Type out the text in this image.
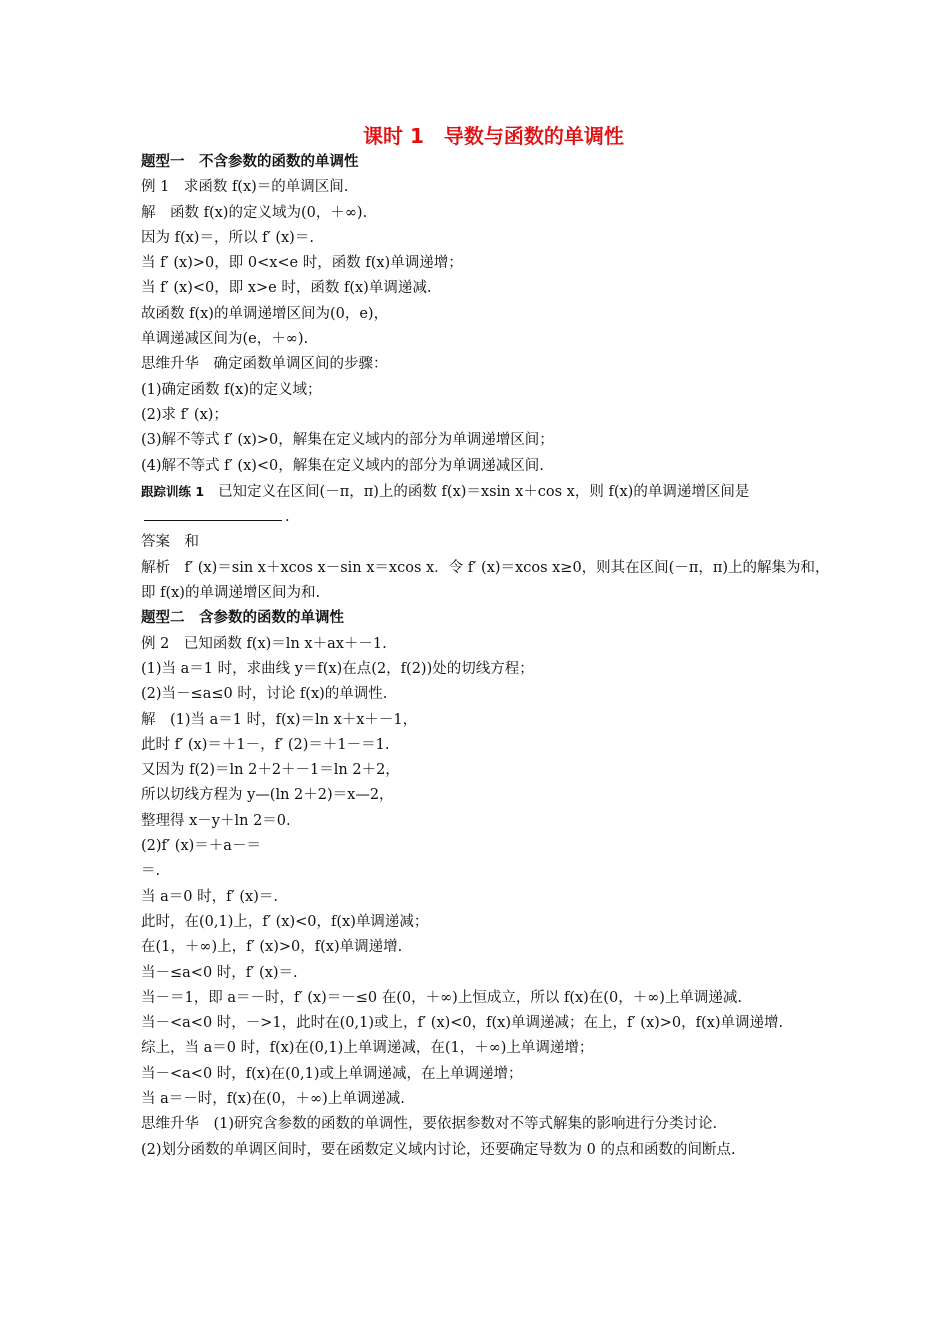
课时 1　导数与函数的单调性
题型一　不含参数的函数的单调性
例 1　求函数 f(x)＝的单调区间.
解　函数 f(x)的定义域为(0，＋∞).
因为 f(x)＝，所以 f′ (x)＝.
当 f′ (x)>0，即 0<x<e 时，函数 f(x)单调递增；
当 f′ (x)<0，即 x>e 时，函数 f(x)单调递减.
故函数 f(x)的单调递增区间为(0，e)，
单调递减区间为(e，＋∞).
思维升华　确定函数单调区间的步骤：
(1)确定函数 f(x)的定义域；
(2)求 f′ (x)；
(3)解不等式 f′ (x)>0，解集在定义域内的部分为单调递增区间；
(4)解不等式 f′ (x)<0，解集在定义域内的部分为单调递减区间.
跟踪训练 1 已知定义在区间(－π，π)上的函数 f(x)＝xsin x＋cos x，则 f(x)的单调递增区间是.
答案　和
解析　f′ (x)＝sin x＋xcos x－sin x＝xcos x．令 f′ (x)＝xcos x≥0，则其在区间(－π，π)上的解集为和，即 f(x)的单调递增区间为和.
题型二　含参数的函数的单调性
例 2　已知函数 f(x)＝ln x＋ax＋－1.
(1)当 a＝1 时，求曲线 y＝f(x)在点(2，f(2))处的切线方程；
(2)当－≤a≤0 时，讨论 f(x)的单调性.
解　(1)当 a＝1 时，f(x)＝ln x＋x＋－1，
此时 f′ (x)＝＋1－，f′ (2)＝＋1－＝1.
又因为 f(2)＝ln 2＋2＋－1＝ln 2＋2，
所以切线方程为 y—(ln 2＋2)＝x—2，
整理得 x－y＋ln 2＝0.
(2)f′ (x)＝＋a－＝
＝.
当 a＝0 时，f′ (x)＝.
此时，在(0,1)上，f′ (x)<0，f(x)单调递减；
在(1，＋∞)上，f′ (x)>0，f(x)单调递增.
当－≤a<0 时，f′ (x)＝.
当－＝1，即 a＝－时，f′ (x)＝－≤0 在(0，＋∞)上恒成立，所以 f(x)在(0，＋∞)上单调递减.
当－<a<0 时，－>1，此时在(0,1)或上，f′ (x)<0，f(x)单调递减；在上，f′ (x)>0，f(x)单调递增.
综上，当 a＝0 时，f(x)在(0,1)上单调递减，在(1，＋∞)上单调递增；
当－<a<0 时，f(x)在(0,1)或上单调递减，在上单调递增；
当 a＝－时，f(x)在(0，＋∞)上单调递减.
思维升华　(1)研究含参数的函数的单调性，要依据参数对不等式解集的影响进行分类讨论.
(2)划分函数的单调区间时，要在函数定义域内讨论，还要确定导数为 0 的点和函数的间断点.
